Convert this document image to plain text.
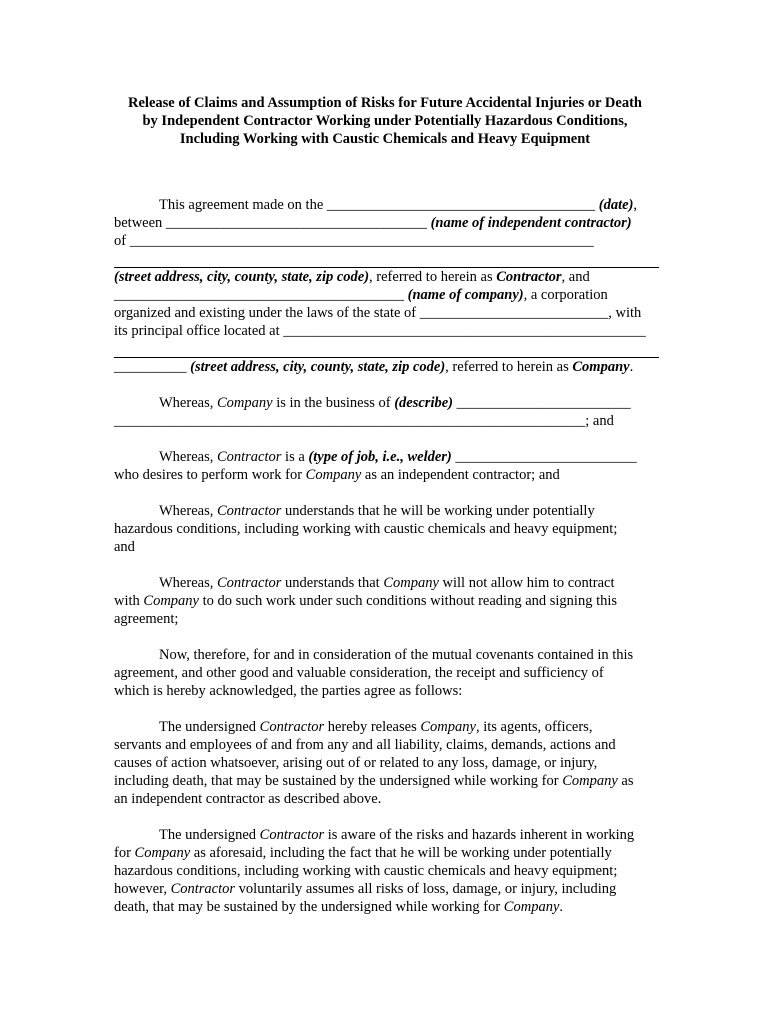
Release of Claims and Assumption of Risks for Future Accidental Injuries or Death
by Independent Contractor Working under Potentially Hazardous Conditions,
Including Working with Caustic Chemicals and Heavy Equipment
This agreement made on the _____________________________________ (date),
between ____________________________________ (name of independent contractor)
of ________________________________________________________________
(street address, city, county, state, zip code), referred to herein as Contractor, and
________________________________________ (name of company), a corporation
organized and existing under the laws of the state of __________________________, with
its principal office located at __________________________________________________
__________ (street address, city, county, state, zip code), referred to herein as Company.
Whereas, Company is in the business of (describe) ________________________
_________________________________________________________________; and
Whereas, Contractor is a (type of job, i.e., welder) _________________________
who desires to perform work for Company as an independent contractor; and
Whereas, Contractor understands that he will be working under potentially
hazardous conditions, including working with caustic chemicals and heavy equipment;
and
Whereas, Contractor understands that Company will not allow him to contract
with Company to do such work under such conditions without reading and signing this
agreement;
Now, therefore, for and in consideration of the mutual covenants contained in this
agreement, and other good and valuable consideration, the receipt and sufficiency of
which is hereby acknowledged, the parties agree as follows:
The undersigned Contractor hereby releases Company, its agents, officers,
servants and employees of and from any and all liability, claims, demands, actions and
causes of action whatsoever, arising out of or related to any loss, damage, or injury,
including death, that may be sustained by the undersigned while working for Company as
an independent contractor as described above.
The undersigned Contractor is aware of the risks and hazards inherent in working
for Company as aforesaid, including the fact that he will be working under potentially
hazardous conditions, including working with caustic chemicals and heavy equipment;
however, Contractor voluntarily assumes all risks of loss, damage, or injury, including
death, that may be sustained by the undersigned while working for Company.
